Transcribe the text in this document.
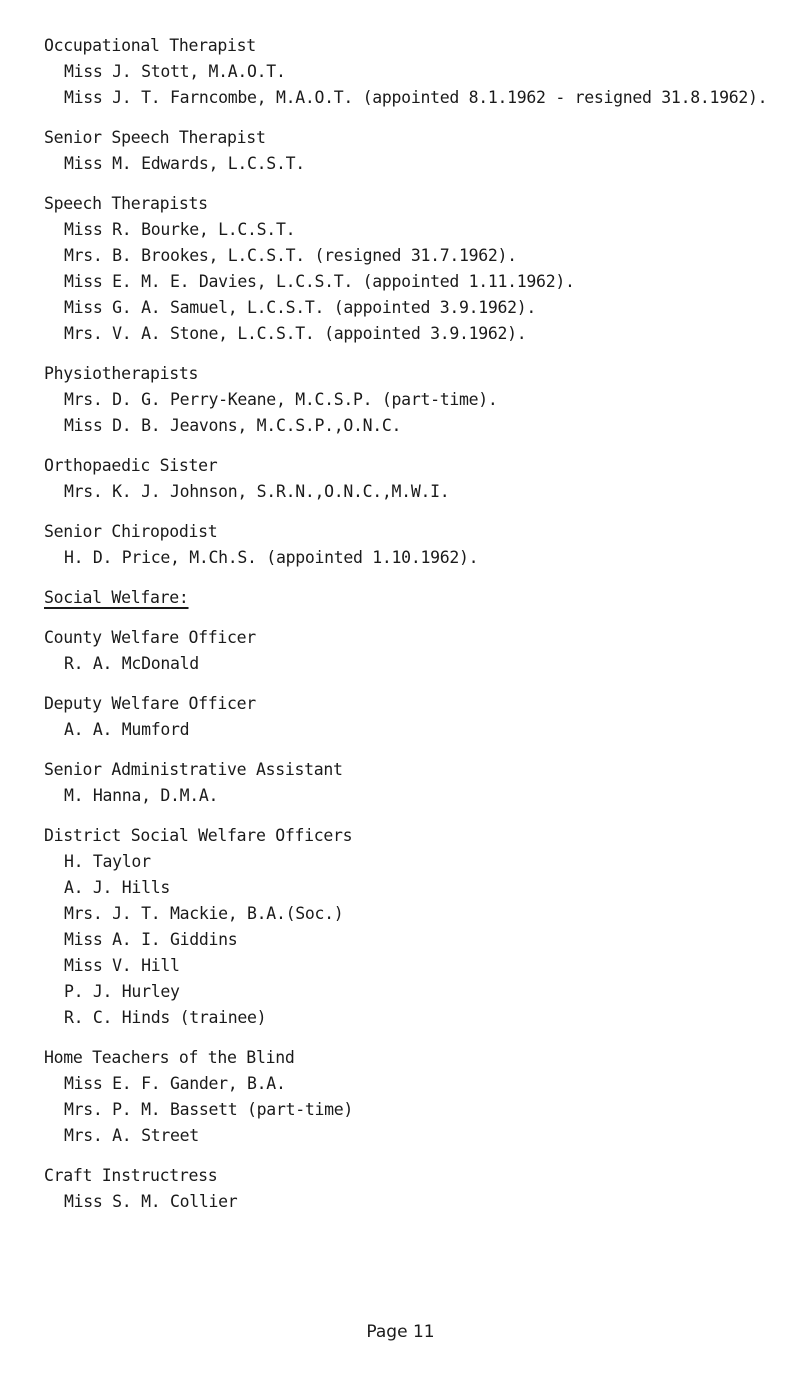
Occupational Therapist
Miss J. Stott, M.A.O.T.
Miss J. T. Farncombe, M.A.O.T. (appointed 8.1.1962 - resigned 31.8.1962).
Senior Speech Therapist
Miss M. Edwards, L.C.S.T.
Speech Therapists
Miss R. Bourke, L.C.S.T.
Mrs. B. Brookes, L.C.S.T. (resigned 31.7.1962).
Miss E. M. E. Davies, L.C.S.T. (appointed 1.11.1962).
Miss G. A. Samuel, L.C.S.T. (appointed 3.9.1962).
Mrs. V. A. Stone, L.C.S.T. (appointed 3.9.1962).
Physiotherapists
Mrs. D. G. Perry-Keane, M.C.S.P. (part-time).
Miss D. B. Jeavons, M.C.S.P.,O.N.C.
Orthopaedic Sister
Mrs. K. J. Johnson, S.R.N.,O.N.C.,M.W.I.
Senior Chiropodist
H. D. Price, M.Ch.S. (appointed 1.10.1962).
Social Welfare:
County Welfare Officer
R. A. McDonald
Deputy Welfare Officer
A. A. Mumford
Senior Administrative Assistant
M. Hanna, D.M.A.
District Social Welfare Officers
H. Taylor
A. J. Hills
Mrs. J. T. Mackie, B.A.(Soc.)
Miss A. I. Giddins
Miss V. Hill
P. J. Hurley
R. C. Hinds (trainee)
Home Teachers of the Blind
Miss E. F. Gander, B.A.
Mrs. P. M. Bassett (part-time)
Mrs. A. Street
Craft Instructress
Miss S. M. Collier
Page 11
